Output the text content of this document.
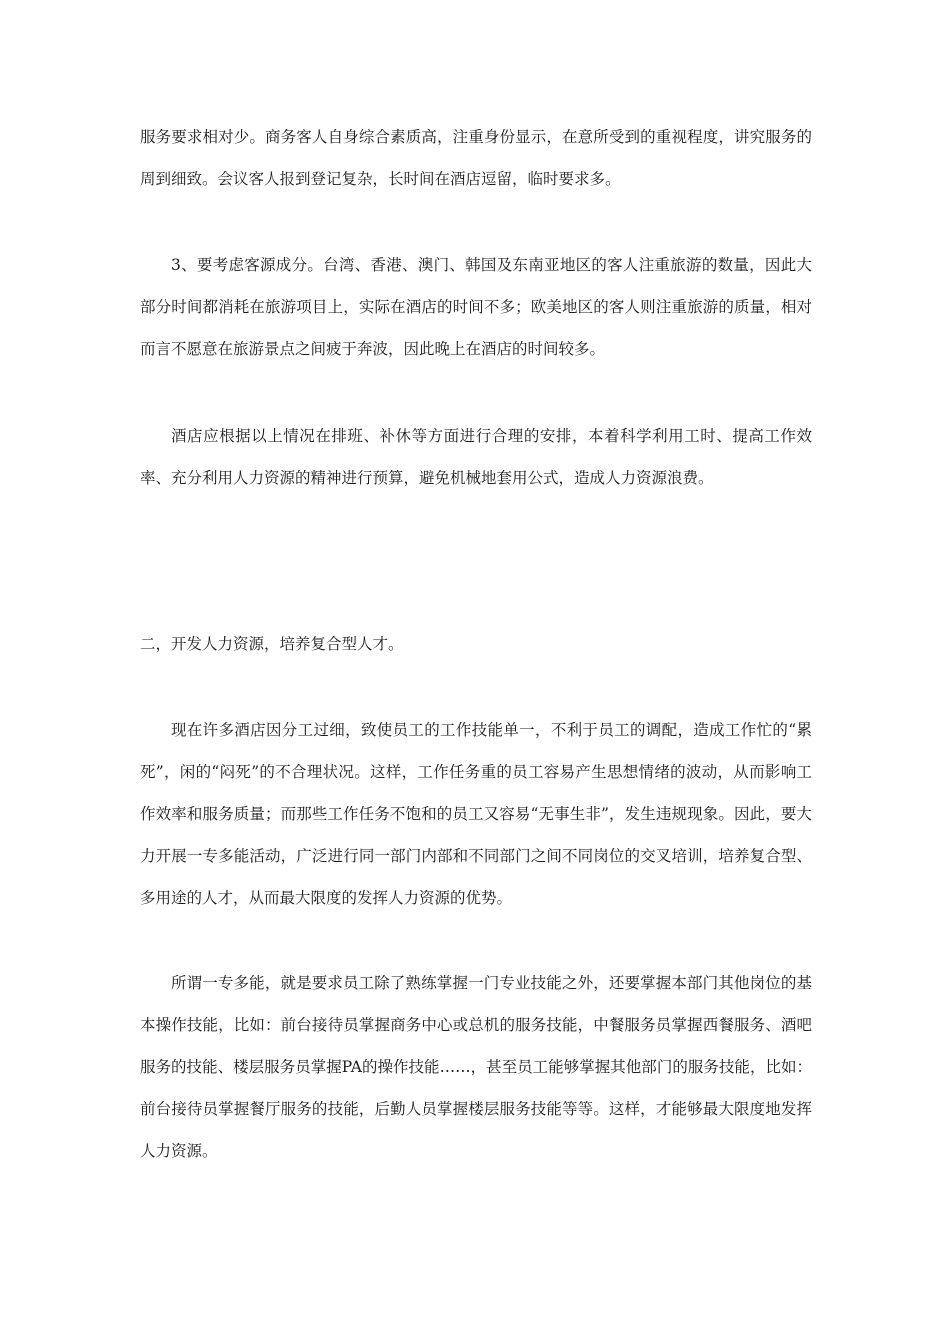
服务要求相对少。商务客人自身综合素质高，注重身份显示，在意所受到的重视程度，讲究服务的周到细致。会议客人报到登记复杂，长时间在酒店逗留，临时要求多。

3、要考虑客源成分。台湾、香港、澳门、韩国及东南亚地区的客人注重旅游的数量，因此大部分时间都消耗在旅游项目上，实际在酒店的时间不多；欧美地区的客人则注重旅游的质量，相对而言不愿意在旅游景点之间疲于奔波，因此晚上在酒店的时间较多。

酒店应根据以上情况在排班、补休等方面进行合理的安排，本着科学利用工时、提高工作效率、充分利用人力资源的精神进行预算，避免机械地套用公式，造成人力资源浪费。

二，开发人力资源，培养复合型人才。

现在许多酒店因分工过细，致使员工的工作技能单一，不利于员工的调配，造成工作忙的“累死”，闲的“闷死”的不合理状况。这样，工作任务重的员工容易产生思想情绪的波动，从而影响工作效率和服务质量；而那些工作任务不饱和的员工又容易“无事生非”，发生违规现象。因此，要大力开展一专多能活动，广泛进行同一部门内部和不同部门之间不同岗位的交叉培训，培养复合型、多用途的人才，从而最大限度的发挥人力资源的优势。

所谓一专多能，就是要求员工除了熟练掌握一门专业技能之外，还要掌握本部门其他岗位的基本操作技能，比如：前台接待员掌握商务中心或总机的服务技能，中餐服务员掌握西餐服务、酒吧服务的技能、楼层服务员掌握PA的操作技能……，甚至员工能够掌握其他部门的服务技能，比如：前台接待员掌握餐厅服务的技能，后勤人员掌握楼层服务技能等等。这样，才能够最大限度地发挥人力资源。
